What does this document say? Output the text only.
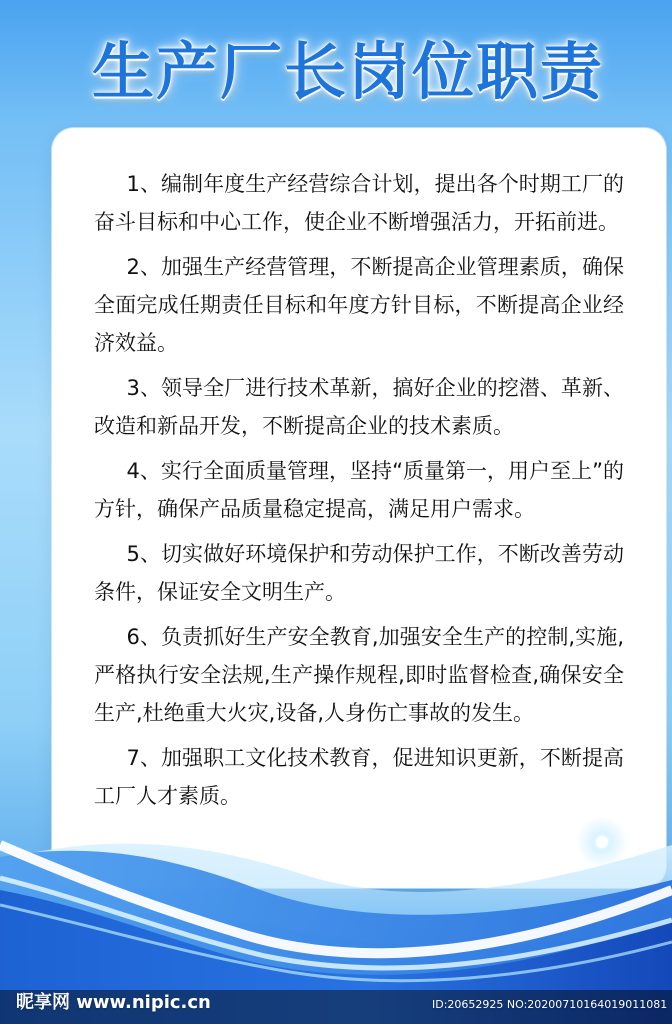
生产厂长岗位职责

1、编制年度生产经营综合计划，提出各个时期工厂的奋斗目标和中心工作，使企业不断增强活力，开拓前进。

2、加强生产经营管理，不断提高企业管理素质，确保全面完成任期责任目标和年度方针目标，不断提高企业经济效益。

3、领导全厂进行技术革新，搞好企业的挖潜、革新、改造和新品开发，不断提高企业的技术素质。

4、实行全面质量管理，坚持“质量第一，用户至上”的方针，确保产品质量稳定提高，满足用户需求。

5、切实做好环境保护和劳动保护工作，不断改善劳动条件，保证安全文明生产。

6、负责抓好生产安全教育,加强安全生产的控制,实施,严格执行安全法规,生产操作规程,即时监督检查,确保安全生产,杜绝重大火灾,设备,人身伤亡事故的发生。

7、加强职工文化技术教育，促进知识更新，不断提高工厂人才素质。

昵享网 www.nipic.cn	ID:20652925 NO:20200710164019011081
